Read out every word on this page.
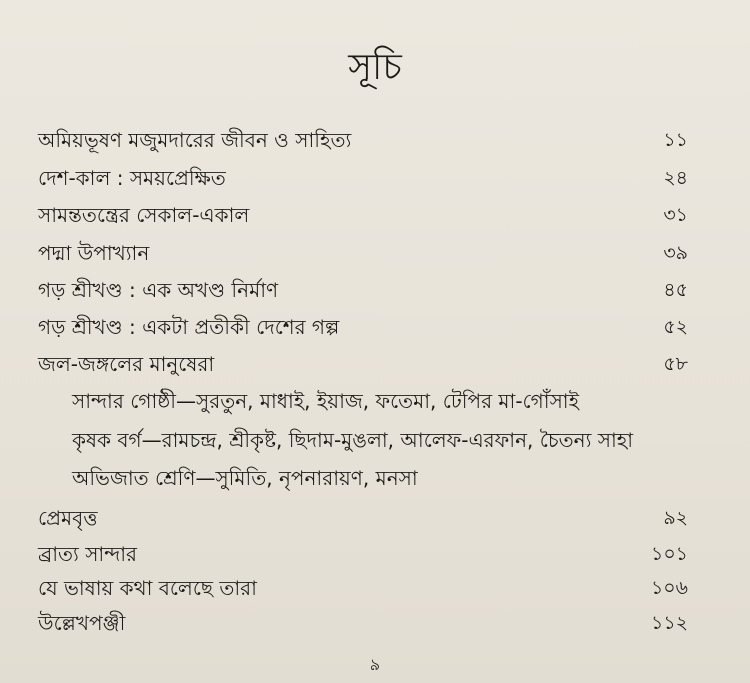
সূচি
অমিয়ভূষণ মজুমদারের জীবন ও সাহিত্য	১১
দেশ-কাল : সময়প্রেক্ষিত	২৪
সামন্ততন্ত্রের সেকাল-একাল	৩১
পদ্মা উপাখ্যান	৩৯
গড় শ্রীখণ্ড : এক অখণ্ড নির্মাণ	৪৫
গড় শ্রীখণ্ড : একটা প্রতীকী দেশের গল্প	৫২
জল-জঙ্গলের মানুষেরা	৫৮
সান্দার গোষ্ঠী—সুরতুন, মাধাই, ইয়াজ, ফতেমা, টেপির মা-গোঁসাই
কৃষক বর্গ—রামচন্দ্র, শ্রীকৃষ্ট, ছিদাম-মুঙলা, আলেফ-এরফান, চৈতন্য সাহা
অভিজাত শ্রেণি—সুমিতি, নৃপনারায়ণ, মনসা
প্রেমবৃত্ত	৯২
ব্রাত্য সান্দার	১০১
যে ভাষায় কথা বলেছে তারা	১০৬
উল্লেখপঞ্জী	১১২
৯
